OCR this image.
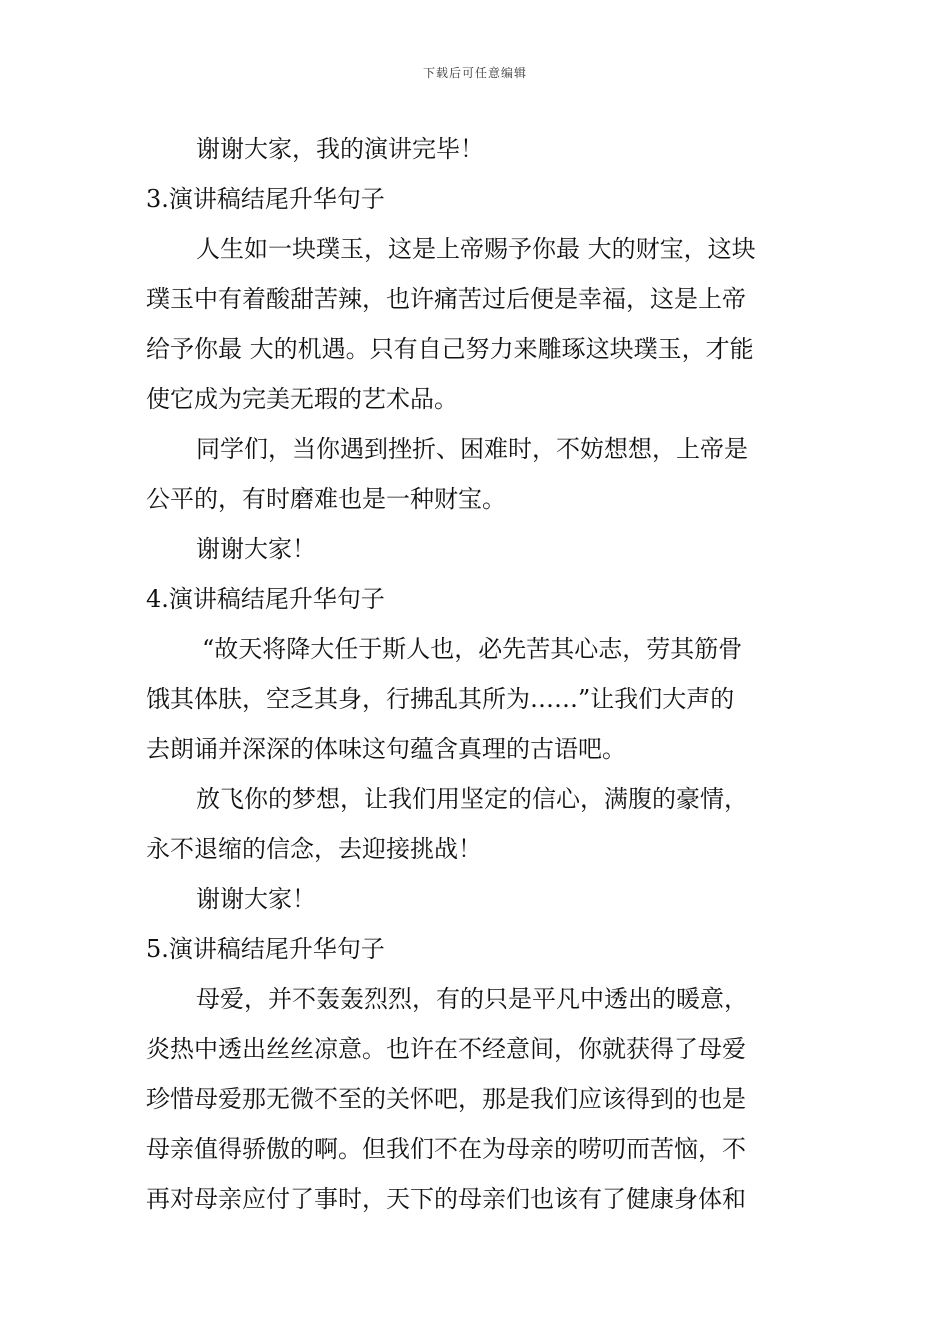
下载后可任意编辑
谢谢大家，我的演讲完毕！
3.演讲稿结尾升华句子
人生如一块璞玉，这是上帝赐予你最 大的财宝，这块
璞玉中有着酸甜苦辣，也许痛苦过后便是幸福，这是上帝
给予你最 大的机遇。只有自己努力来雕琢这块璞玉，才能
使它成为完美无瑕的艺术品。
同学们，当你遇到挫折、困难时，不妨想想，上帝是
公平的，有时磨难也是一种财宝。
谢谢大家！
4.演讲稿结尾升华句子
“故天将降大任于斯人也，必先苦其心志，劳其筋骨
饿其体肤，空乏其身，行拂乱其所为……”让我们大声的
去朗诵并深深的体味这句蕴含真理的古语吧。
放飞你的梦想，让我们用坚定的信心，满腹的豪情，
永不退缩的信念，去迎接挑战！
谢谢大家！
5.演讲稿结尾升华句子
母爱，并不轰轰烈烈，有的只是平凡中透出的暖意，
炎热中透出丝丝凉意。也许在不经意间，你就获得了母爱
珍惜母爱那无微不至的关怀吧，那是我们应该得到的也是
母亲值得骄傲的啊。但我们不在为母亲的唠叨而苦恼，不
再对母亲应付了事时，天下的母亲们也该有了健康身体和
